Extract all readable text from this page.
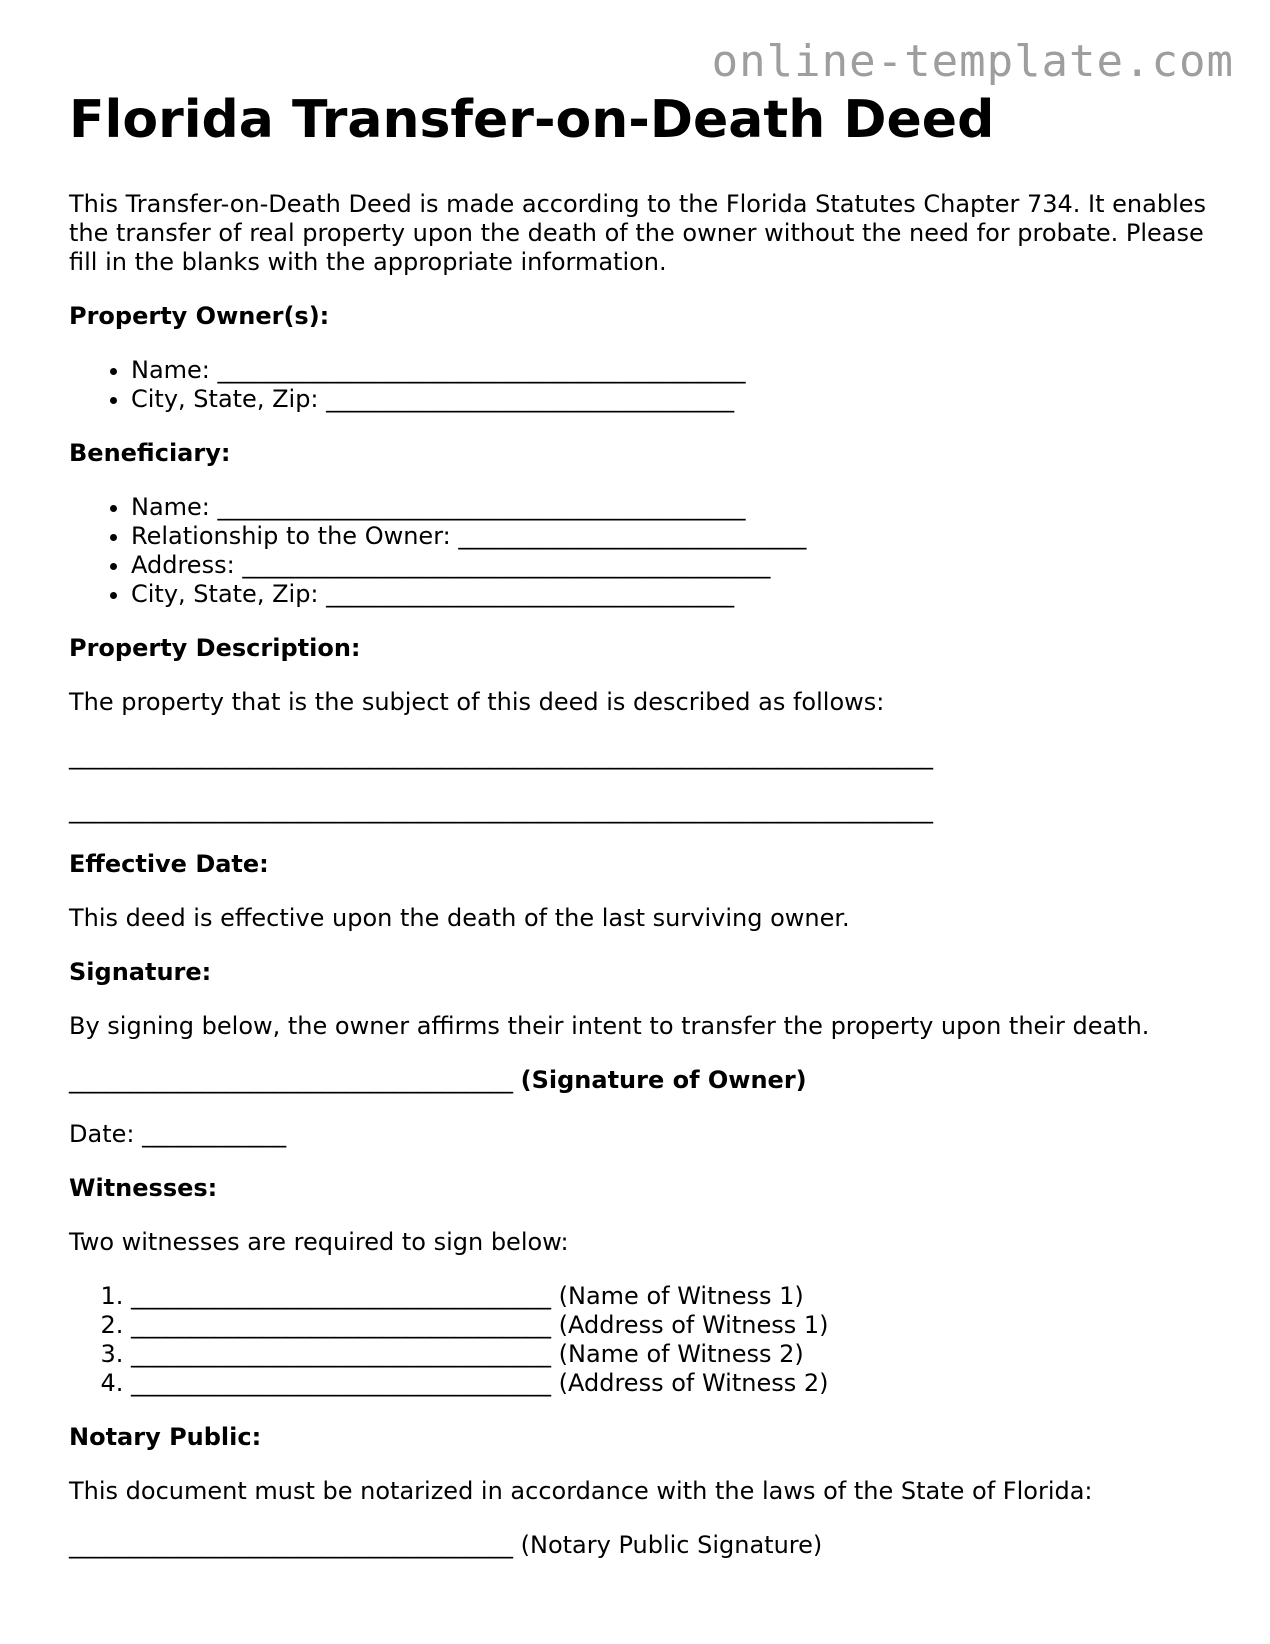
online-template.com
Florida Transfer-on-Death Deed

This Transfer-on-Death Deed is made according to the Florida Statutes Chapter 734. It enables the transfer of real property upon the death of the owner without the need for probate. Please fill in the blanks with the appropriate information.

Property Owner(s):

• Name: ____________________________________________
• City, State, Zip: __________________________________

Beneficiary:

• Name: ____________________________________________
• Relationship to the Owner: _____________________________
• Address: ____________________________________________
• City, State, Zip: __________________________________

Property Description:

The property that is the subject of this deed is described as follows:

________________________________________________________________________

________________________________________________________________________

Effective Date:

This deed is effective upon the death of the last surviving owner.

Signature:

By signing below, the owner affirms their intent to transfer the property upon their death.

_____________________________________ (Signature of Owner)

Date: ____________

Witnesses:

Two witnesses are required to sign below:

1. ___________________________________ (Name of Witness 1)
2. ___________________________________ (Address of Witness 1)
3. ___________________________________ (Name of Witness 2)
4. ___________________________________ (Address of Witness 2)

Notary Public:

This document must be notarized in accordance with the laws of the State of Florida:

_____________________________________ (Notary Public Signature)
